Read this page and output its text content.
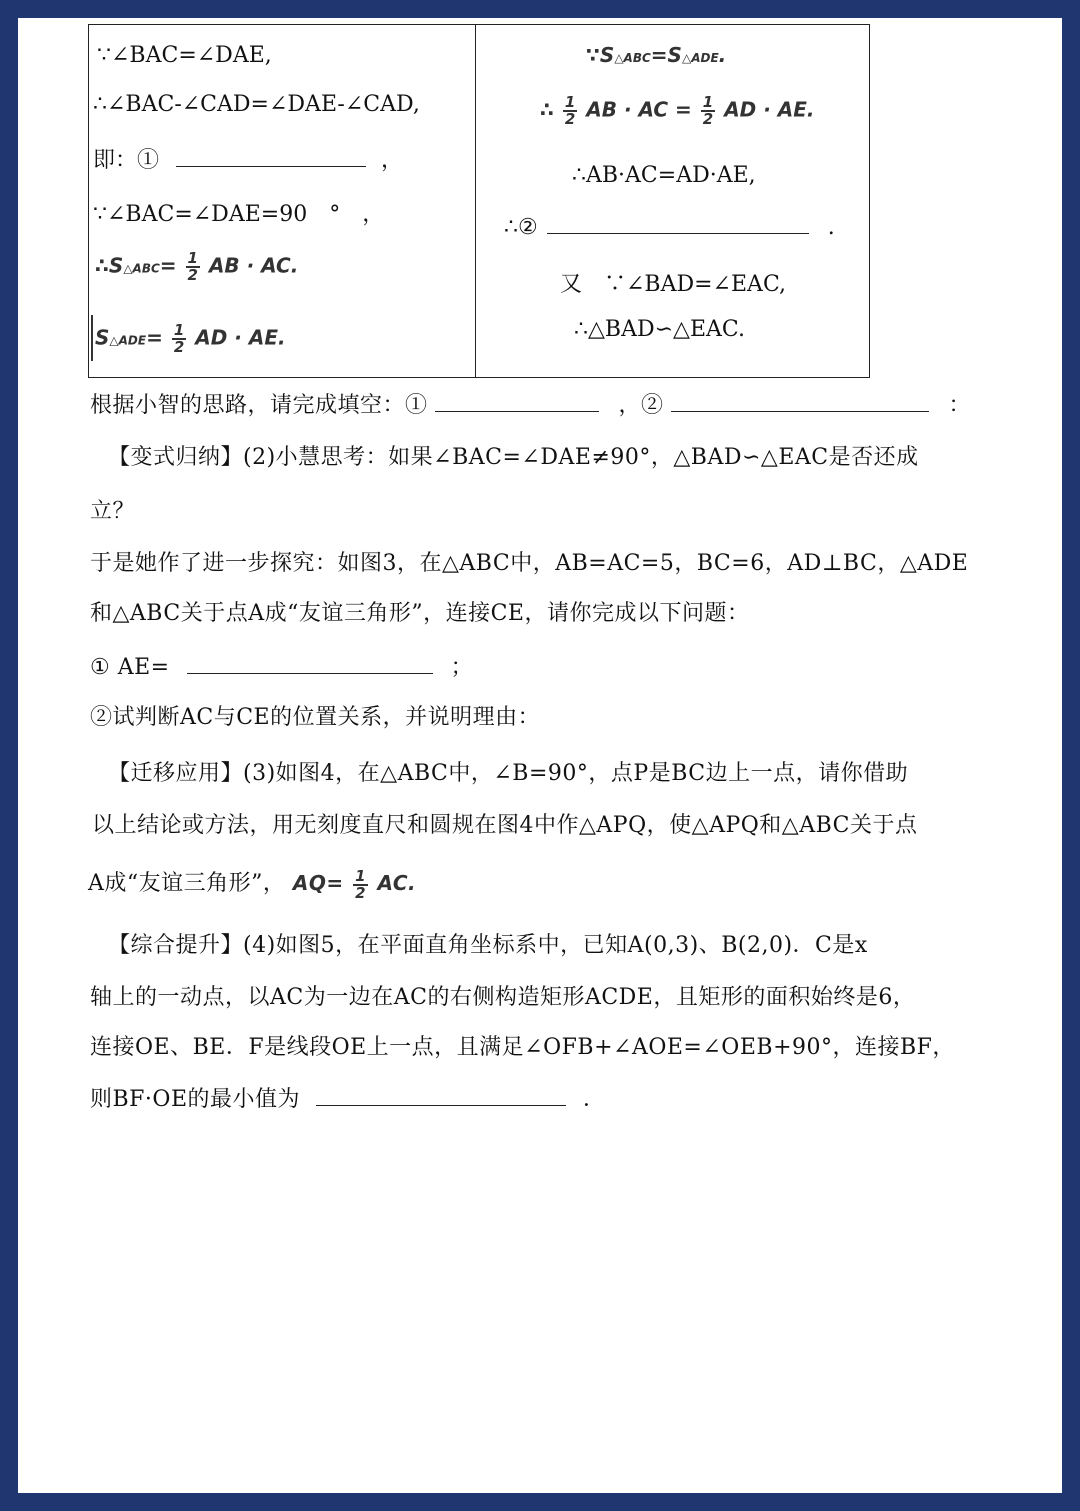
∵∠BAC=∠DAE,
∴∠BAC-∠CAD=∠DAE-∠CAD,
即：①	，
∵∠BAC=∠DAE=90　°　，
∴S△ABC= $\frac{1}{2}$ AB · AC.
S△ADE= $\frac{1}{2}$ AD · AE.
∵S△ABC=S△ADE.
∴ $\frac{1}{2}$ AB · AC = $\frac{1}{2}$ AD · AE.
∴AB·AC=AD·AE,
∴②	.
又　∵∠BAD=∠EAC,
∴△BAD∽△EAC.
根据小智的思路，请完成填空：①	，②	：
【变式归纳】(2)小慧思考：如果∠BAC=∠DAE≠90°，△BAD∽△EAC是否还成
立？
于是她作了进一步探究：如图3，在△ABC中，AB=AC=5，BC=6，AD⊥BC，△ADE
和△ABC关于点A成“友谊三角形”，连接CE，请你完成以下问题：
① AE=	；
②试判断AC与CE的位置关系，并说明理由：
【迁移应用】(3)如图4，在△ABC中，∠B=90°，点P是BC边上一点，请你借助
以上结论或方法，用无刻度直尺和圆规在图4中作△APQ，使△APQ和△ABC关于点
A成“友谊三角形”， $AQ= \frac{1}{2}$ AC.
【综合提升】(4)如图5，在平面直角坐标系中，已知A(0,3)、B(2,0)．C是x
轴上的一动点，以AC为一边在AC的右侧构造矩形ACDE，且矩形的面积始终是6，
连接OE、BE．F是线段OE上一点，且满足∠OFB+∠AOE=∠OEB+90°，连接BF，
则BF·OE的最小值为	．
